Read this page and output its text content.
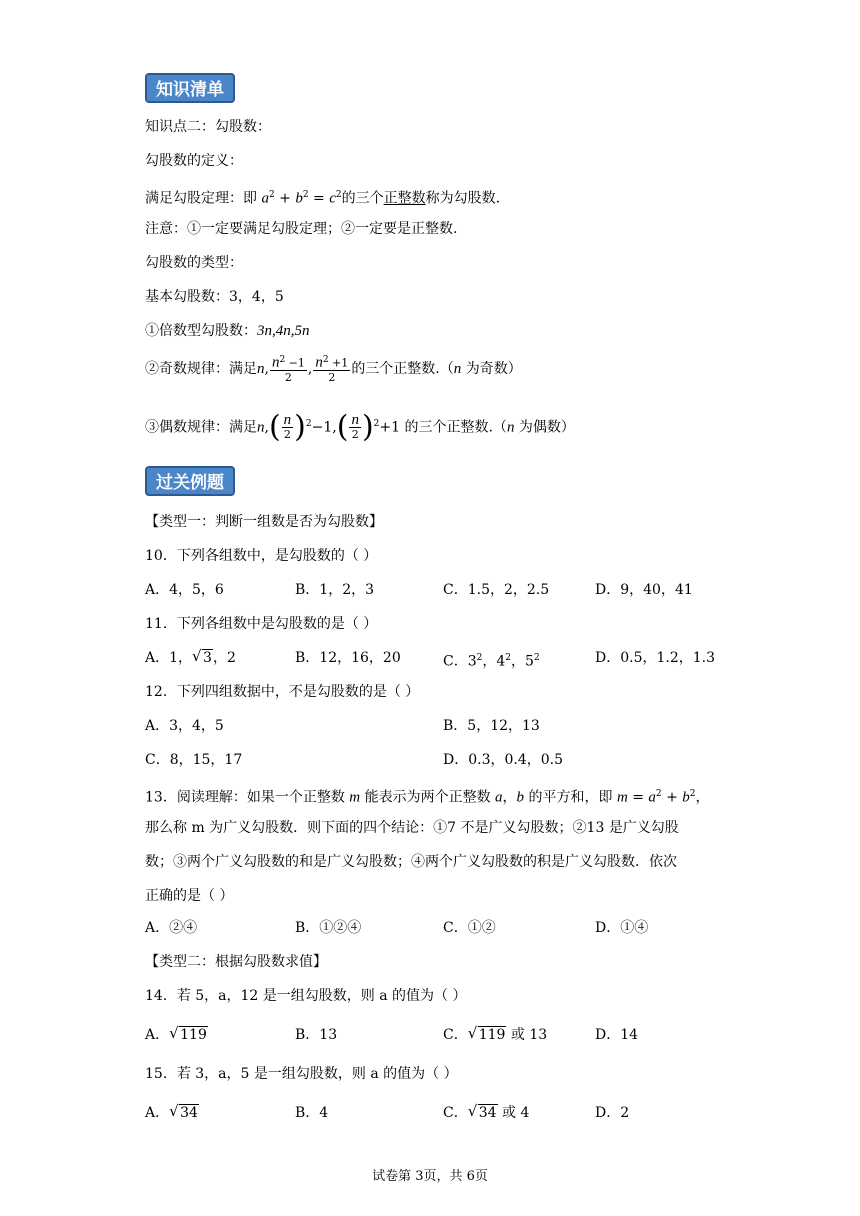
知识清单
知识点二：勾股数：
勾股数的定义：
满足勾股定理：即 $a^2 + b^2 = c^2$的三个正整数称为勾股数.
注意：①一定要满足勾股定理；②一定要是正整数.
勾股数的类型：
基本勾股数：3，4，5
①倍数型勾股数：3n,4n,5n
②奇数规律：满足n, $\frac{n^2 -1}{2}$ , $\frac{n^2 +1}{2}$ 的三个正整数.（n 为奇数）
③偶数规律：满足$n,( \frac{n}{2} )^2-1,( \frac{n}{2} )^2+1$ 的三个正整数.（n 为偶数）
过关例题
【类型一：判断一组数是否为勾股数】
10．下列各组数中，是勾股数的（ ）
A．4，5，6	B．1，2，3	C．1.5，2，2.5	D．9，40，41
11．下列各组数中是勾股数的是（ ）
A．1， √ 3，2	B．12，16，20	C．$3^2$，$4^2$，$5^2$	D．0.5，1.2，1.3
12．下列四组数据中，不是勾股数的是（ ）
A．3，4，5	B．5，12，13
C．8，15，17	D．0.3，0.4，0.5
13．阅读理解：如果一个正整数 m 能表示为两个正整数 a，b 的平方和，即 $m = a^2 + b^2$，
那么称 m 为广义勾股数．则下面的四个结论：①7 不是广义勾股数；②13 是广义勾股
数；③两个广义勾股数的和是广义勾股数；④两个广义勾股数的积是广义勾股数．依次
正确的是（ ）
A．②④	B．①②④	C．①②	D．①④
【类型二：根据勾股数求值】
14．若 5，a，12 是一组勾股数，则 a 的值为（ ）
A． √ 119	B．13	C． √ 119 或 13	D．14
15．若 3，a，5 是一组勾股数，则 a 的值为（ ）
A． √ 34	B．4	C． √ 34 或 4	D．2
试卷第 3页，共 6页
